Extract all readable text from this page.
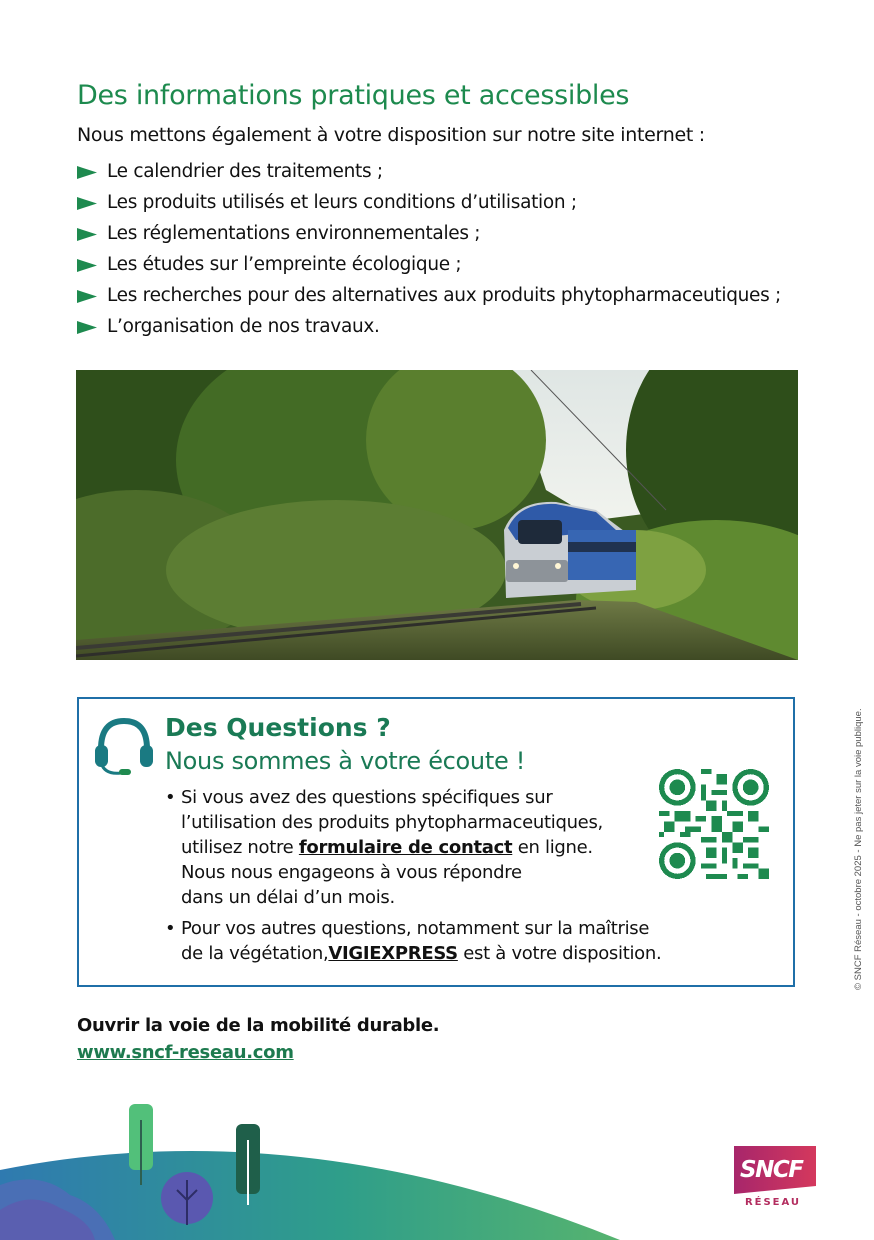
Des informations pratiques et accessibles
Nous mettons également à votre disposition sur notre site internet :
Le calendrier des traitements ;
Les produits utilisés et leurs conditions d’utilisation ;
Les réglementations environnementales ;
Les études sur l’empreinte écologique ;
Les recherches pour des alternatives aux produits phytopharmaceutiques ;
L’organisation de nos travaux.
Des Questions ?
Nous sommes à votre écoute !
• Si vous avez des questions spécifiques sur
l’utilisation des produits phytopharmaceutiques,
utilisez notre formulaire de contact en ligne.
Nous nous engageons à vous répondre
dans un délai d’un mois.
• Pour vos autres questions, notamment sur la maîtrise
de la végétation,VIGIEXPRESS est à votre disposition.
Ouvrir la voie de la mobilité durable.
www.sncf-reseau.com
© SNCF Réseau - octobre 2025 - Ne pas jeter sur la voie publique.
SNCF
RÉSEAU
